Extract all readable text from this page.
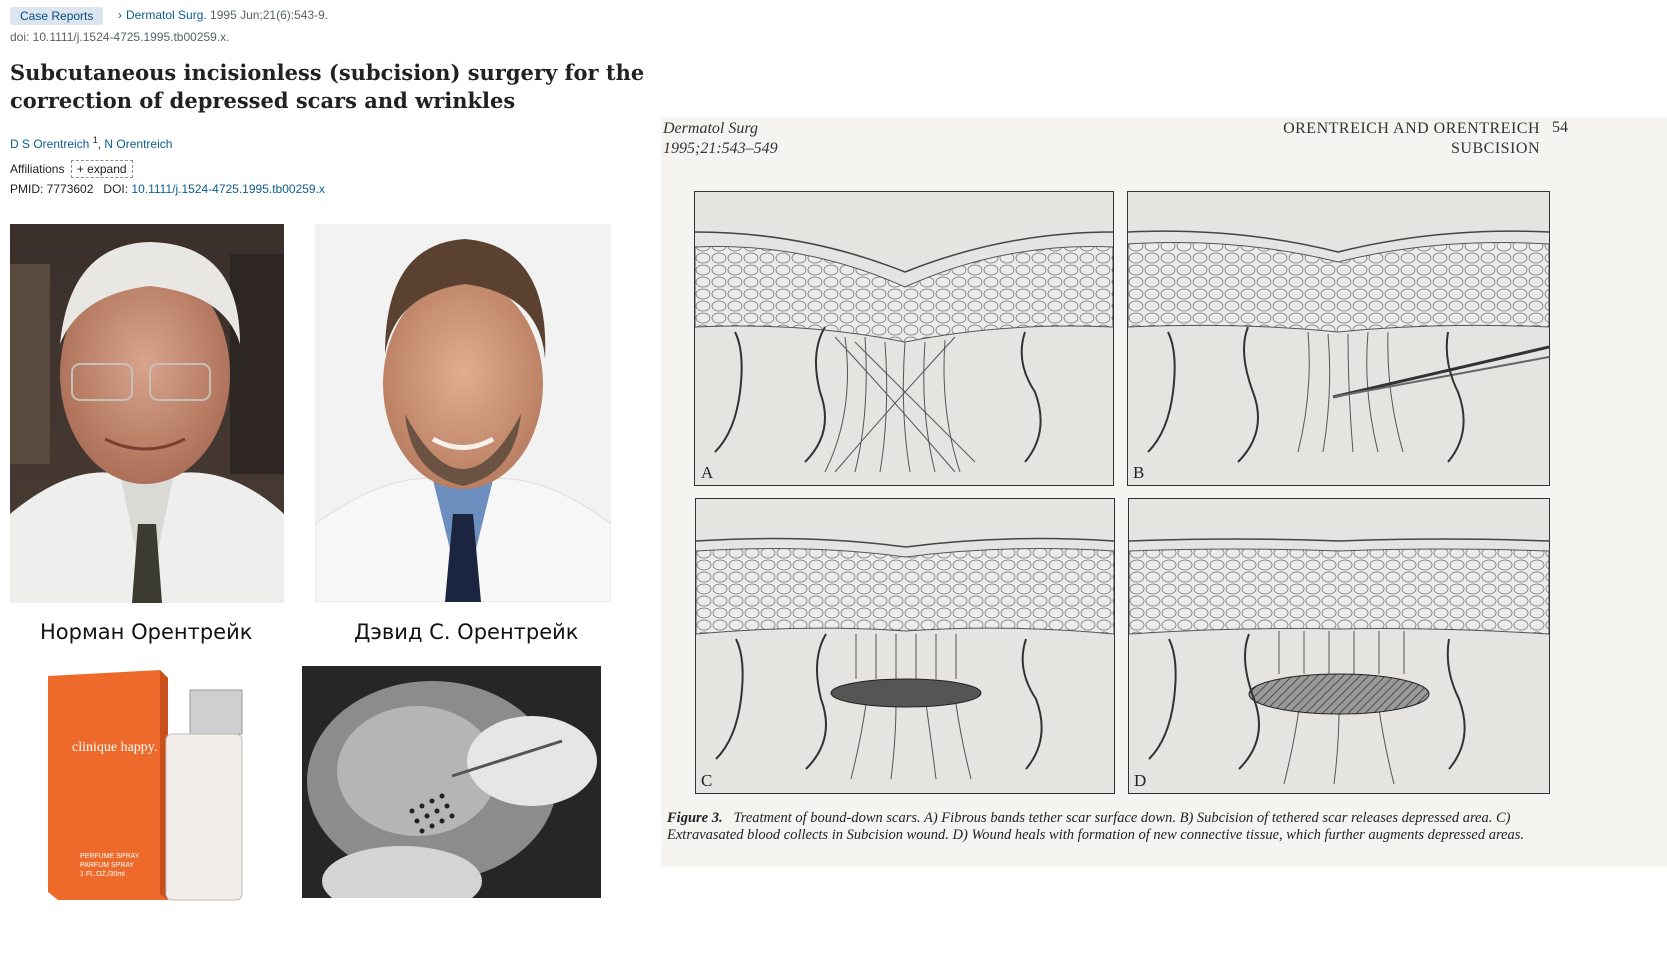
Case Reports	› Dermatol Surg. 1995 Jun;21(6):543-9.
doi: 10.1111/j.1524-4725.1995.tb00259.x.
Subcutaneous incisionless (subcision) surgery for the correction of depressed scars and wrinkles
D S Orentreich $^1$, N Orentreich
Affiliations + expand
PMID: 7773602 DOI: 10.1111/j.1524-4725.1995.tb00259.x
Норман Орентрейк	Дэвид С. Орентрейк
clinique happy.
PERFUME SPRAY
PARFUM SPRAY
1 FL.OZ./30ml
Dermatol Surg
1995;21:543–549
ORENTREICH AND ORENTREICH
SUBCISION
54
A	B
C	D
Figure 3. Treatment of bound-down scars. A) Fibrous bands tether scar surface down. B) Subcision of tethered scar releases depressed area. C) Extravasated blood collects in Subcision wound. D) Wound heals with formation of new connective tissue, which further augments depressed areas.
